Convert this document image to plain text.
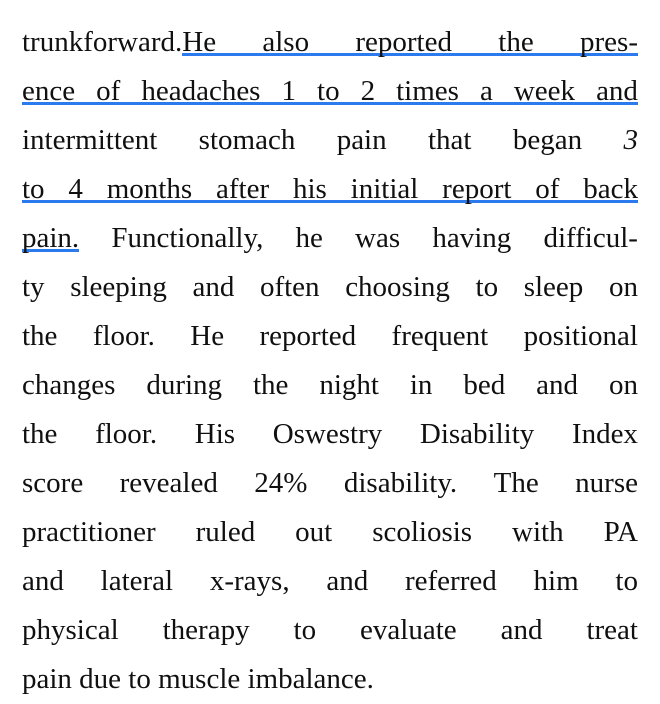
trunk forward. He
also
reported
the
pres-
ence
of
headaches
1
to
2
times
a
week
and
intermittent stomach pain that began 3
to
4
months
after
his
initial
report
of
back
pain. Functionally, he was having difficul-
ty sleeping and often choosing to sleep on
the floor. He reported frequent positional
changes during the night in bed and on
the floor. His Oswestry Disability Index
score revealed 24% disability. The nurse
practitioner ruled out scoliosis with PA
and lateral x-rays, and referred him to
physical therapy to evaluate and treat
pain due to muscle imbalance.
